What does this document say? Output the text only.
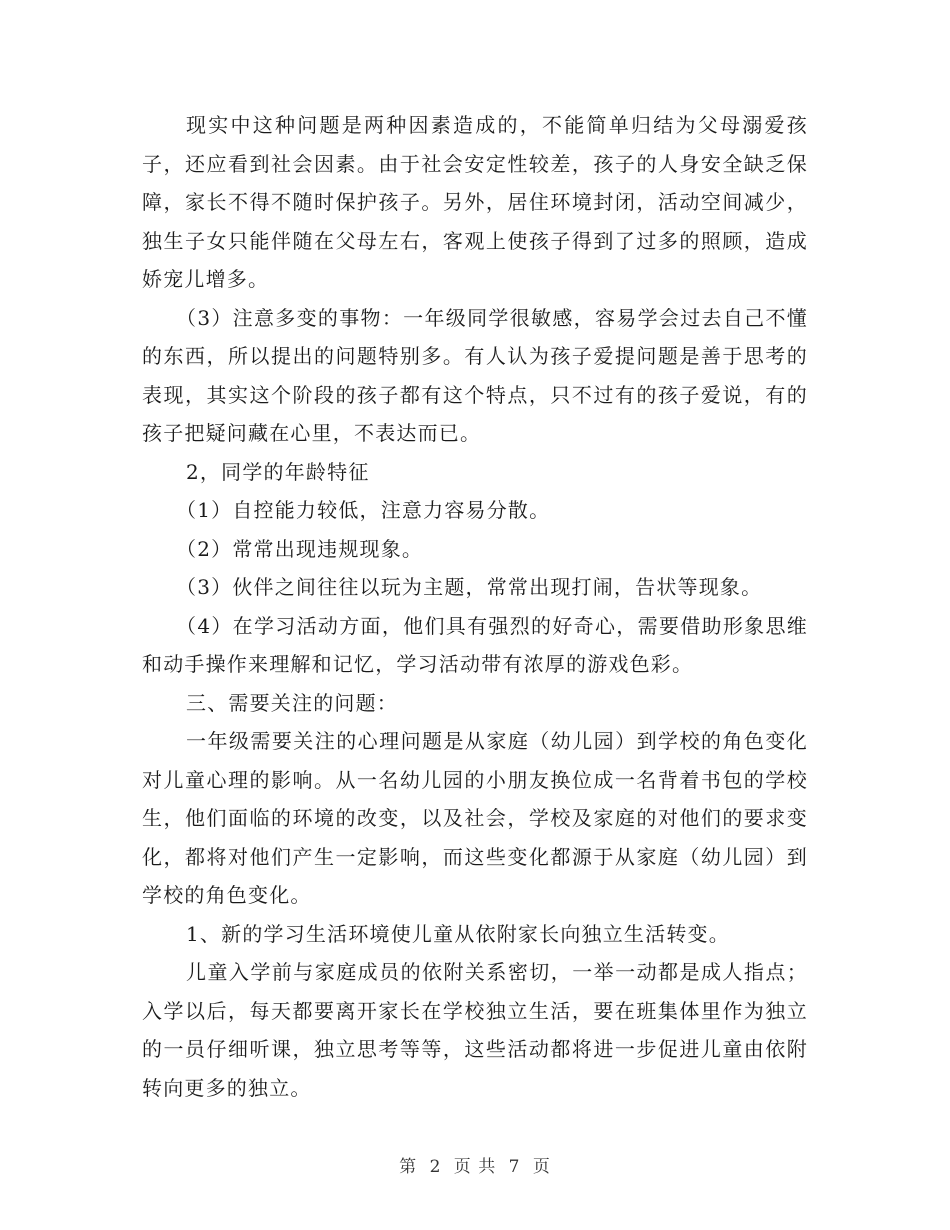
现实中这种问题是两种因素造成的，不能简单归结为父母溺爱孩子，还应看到社会因素。由于社会安定性较差，孩子的人身安全缺乏保障，家长不得不随时保护孩子。另外，居住环境封闭，活动空间减少，独生子女只能伴随在父母左右，客观上使孩子得到了过多的照顾，造成娇宠儿增多。

（3）注意多变的事物：一年级同学很敏感，容易学会过去自己不懂的东西，所以提出的问题特别多。有人认为孩子爱提问题是善于思考的表现，其实这个阶段的孩子都有这个特点，只不过有的孩子爱说，有的孩子把疑问藏在心里，不表达而已。

2，同学的年龄特征

（1）自控能力较低，注意力容易分散。

（2）常常出现违规现象。

（3）伙伴之间往往以玩为主题，常常出现打闹，告状等现象。

（4）在学习活动方面，他们具有强烈的好奇心，需要借助形象思维和动手操作来理解和记忆，学习活动带有浓厚的游戏色彩。

三、需要关注的问题：

一年级需要关注的心理问题是从家庭（幼儿园）到学校的角色变化对儿童心理的影响。从一名幼儿园的小朋友换位成一名背着书包的学校生，他们面临的环境的改变，以及社会，学校及家庭的对他们的要求变化，都将对他们产生一定影响，而这些变化都源于从家庭（幼儿园）到学校的角色变化。

1、新的学习生活环境使儿童从依附家长向独立生活转变。

儿童入学前与家庭成员的依附关系密切，一举一动都是成人指点；入学以后，每天都要离开家长在学校独立生活，要在班集体里作为独立的一员仔细听课，独立思考等等，这些活动都将进一步促进儿童由依附转向更多的独立。

第 2 页 共 7 页
